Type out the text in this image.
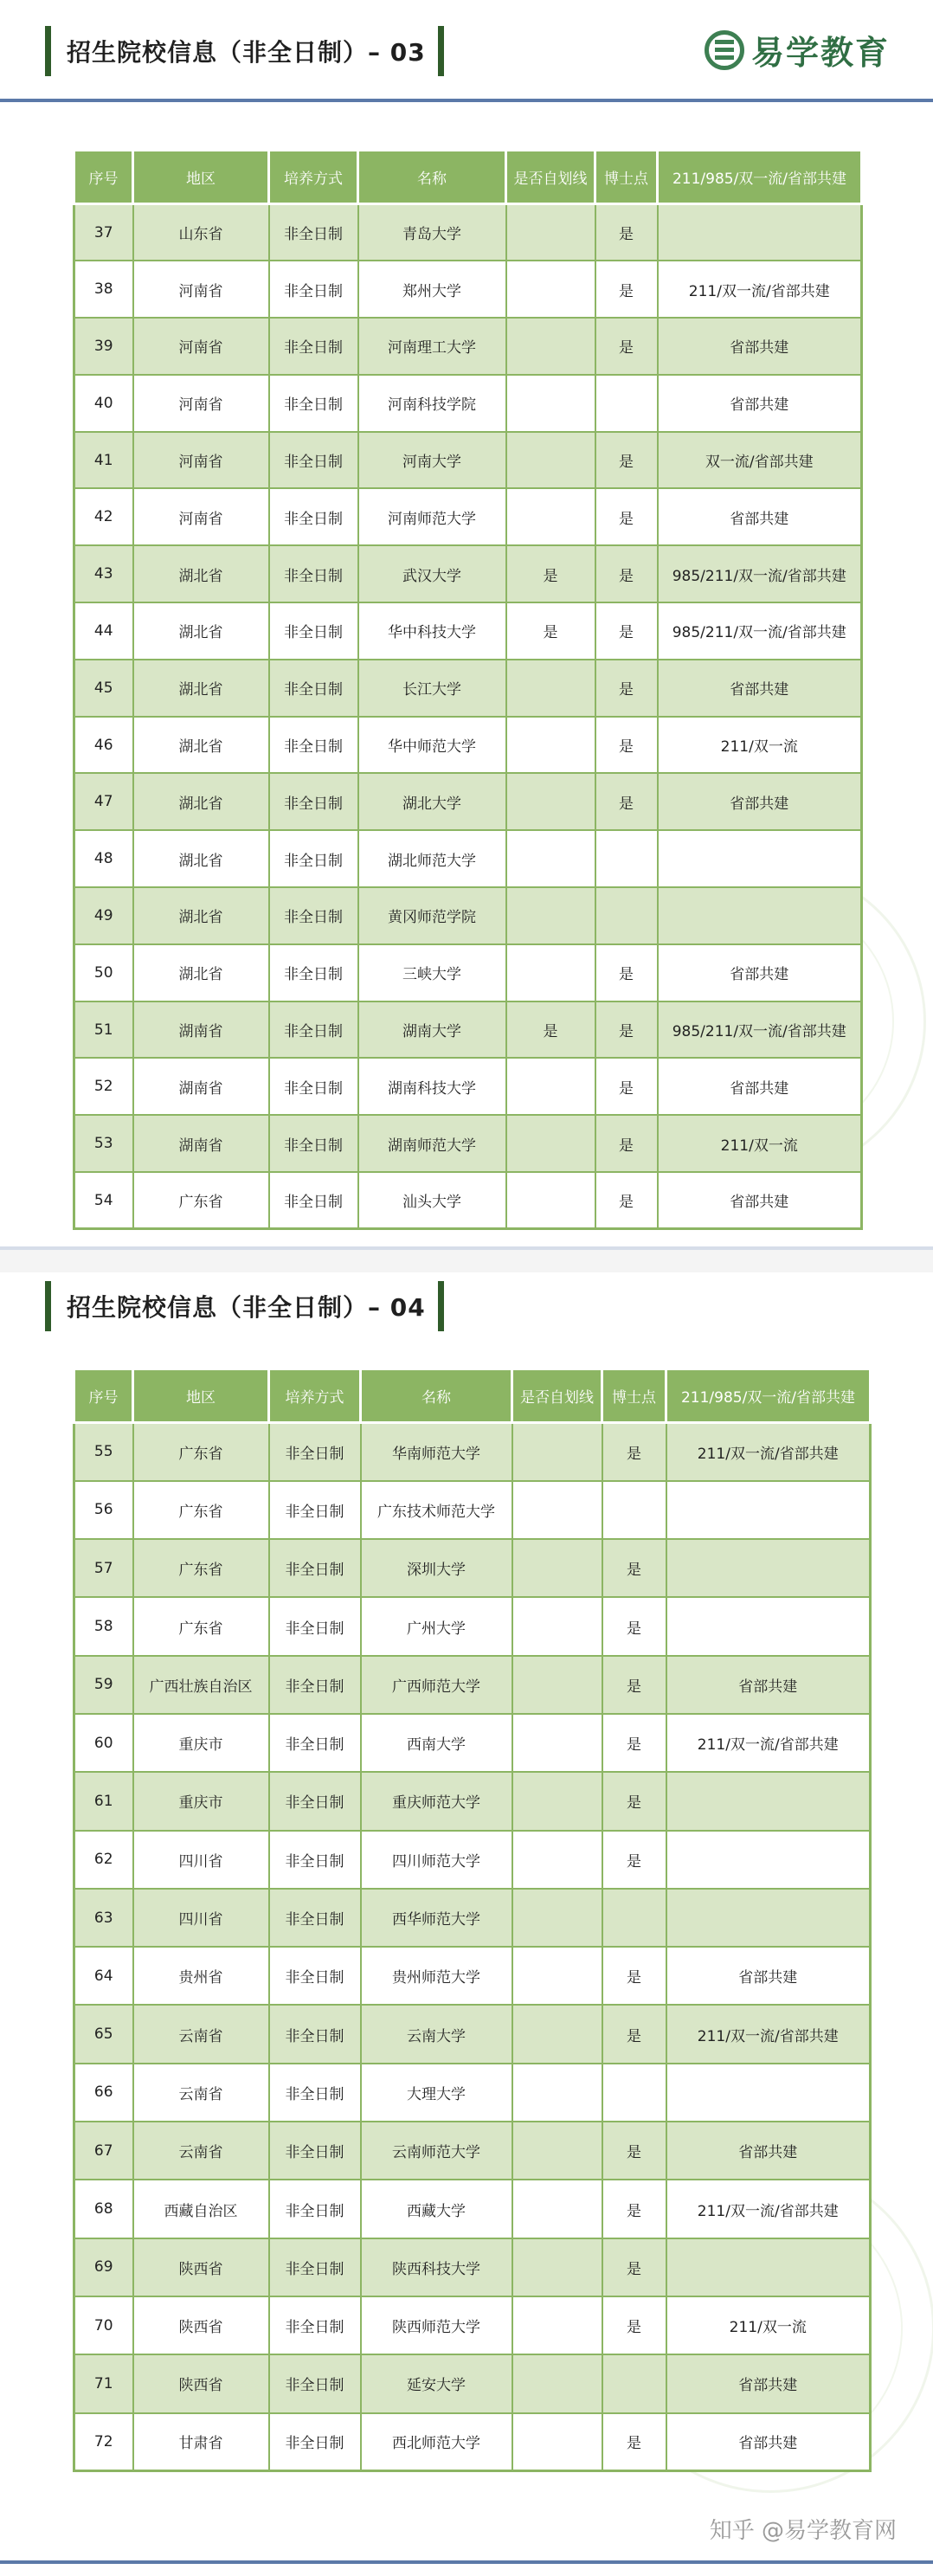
招生院校信息（非全日制）– 03	易学教育
序号	地区	培养方式	名称	是否自划线	博士点	211/985/双一流/省部共建
37	山东省	非全日制	青岛大学		是	
38	河南省	非全日制	郑州大学		是	211/双一流/省部共建
39	河南省	非全日制	河南理工大学		是	省部共建
40	河南省	非全日制	河南科技学院			省部共建
41	河南省	非全日制	河南大学		是	双一流/省部共建
42	河南省	非全日制	河南师范大学		是	省部共建
43	湖北省	非全日制	武汉大学	是	是	985/211/双一流/省部共建
44	湖北省	非全日制	华中科技大学	是	是	985/211/双一流/省部共建
45	湖北省	非全日制	长江大学		是	省部共建
46	湖北省	非全日制	华中师范大学		是	211/双一流
47	湖北省	非全日制	湖北大学		是	省部共建
48	湖北省	非全日制	湖北师范大学			
49	湖北省	非全日制	黄冈师范学院			
50	湖北省	非全日制	三峡大学		是	省部共建
51	湖南省	非全日制	湖南大学	是	是	985/211/双一流/省部共建
52	湖南省	非全日制	湖南科技大学		是	省部共建
53	湖南省	非全日制	湖南师范大学		是	211/双一流
54	广东省	非全日制	汕头大学		是	省部共建
招生院校信息（非全日制）– 04
序号	地区	培养方式	名称	是否自划线	博士点	211/985/双一流/省部共建
55	广东省	非全日制	华南师范大学		是	211/双一流/省部共建
56	广东省	非全日制	广东技术师范大学			
57	广东省	非全日制	深圳大学		是	
58	广东省	非全日制	广州大学		是	
59	广西壮族自治区	非全日制	广西师范大学		是	省部共建
60	重庆市	非全日制	西南大学		是	211/双一流/省部共建
61	重庆市	非全日制	重庆师范大学		是	
62	四川省	非全日制	四川师范大学		是	
63	四川省	非全日制	西华师范大学			
64	贵州省	非全日制	贵州师范大学		是	省部共建
65	云南省	非全日制	云南大学		是	211/双一流/省部共建
66	云南省	非全日制	大理大学			
67	云南省	非全日制	云南师范大学		是	省部共建
68	西藏自治区	非全日制	西藏大学		是	211/双一流/省部共建
69	陕西省	非全日制	陕西科技大学		是	
70	陕西省	非全日制	陕西师范大学		是	211/双一流
71	陕西省	非全日制	延安大学			省部共建
72	甘肃省	非全日制	西北师范大学		是	省部共建
知乎 @易学教育网
